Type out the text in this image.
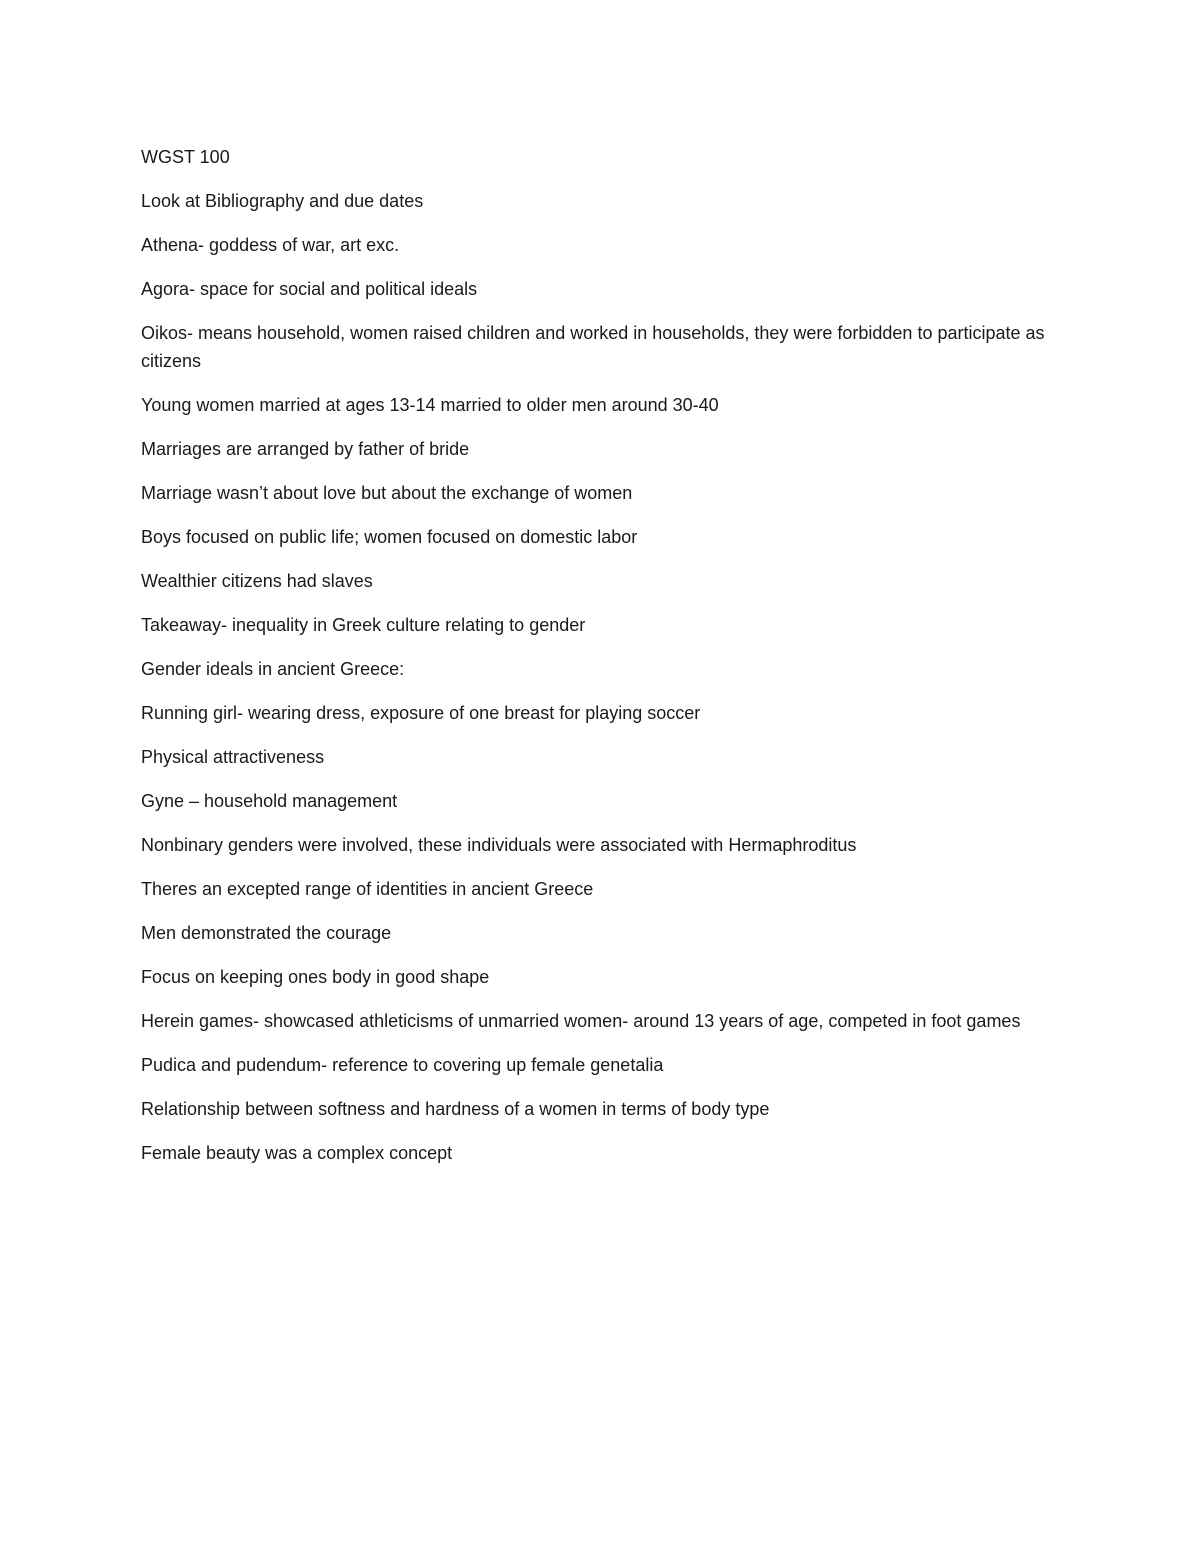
WGST 100

Look at Bibliography and due dates

Athena- goddess of war, art exc.

Agora- space for social and political ideals

Oikos- means household, women raised children and worked in households, they were forbidden to participate as citizens

Young women married at ages 13-14 married to older men around 30-40

Marriages are arranged by father of bride

Marriage wasn’t about love but about the exchange of women

Boys focused on public life; women focused on domestic labor

Wealthier citizens had slaves

Takeaway- inequality in Greek culture relating to gender

Gender ideals in ancient Greece:

Running girl- wearing dress, exposure of one breast for playing soccer

Physical attractiveness

Gyne – household management

Nonbinary genders were involved, these individuals were associated with Hermaphroditus

Theres an excepted range of identities in ancient Greece

Men demonstrated the courage

Focus on keeping ones body in good shape

Herein games- showcased athleticisms of unmarried women- around 13 years of age, competed in foot games

Pudica and pudendum- reference to covering up female genetalia

Relationship between softness and hardness of a women in terms of body type

Female beauty was a complex concept
